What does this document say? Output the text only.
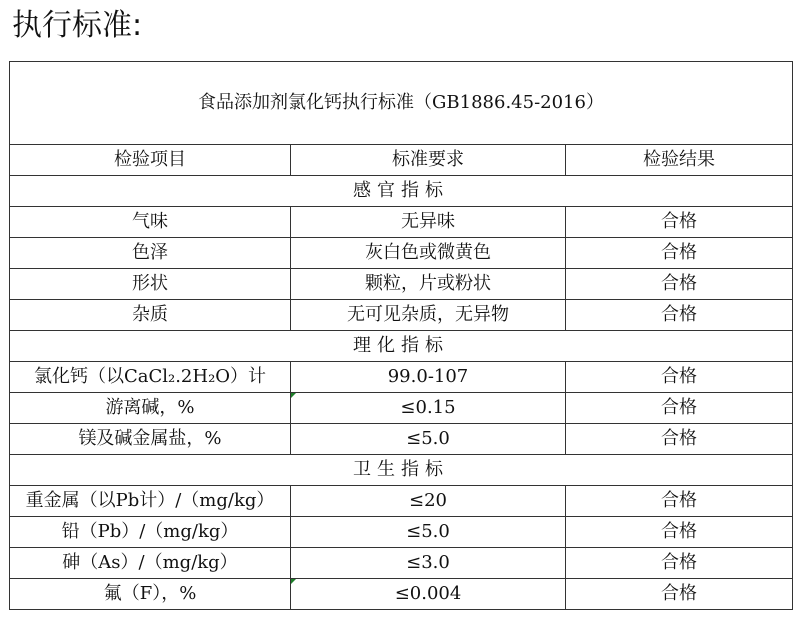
执行标准:
食品添加剂氯化钙执行标准（GB1886.45-2016）		
检验项目	标准要求	检验结果
感官指标		
气味	无异味	合格
色泽	灰白色或微黄色	合格
形状	颗粒，片或粉状	合格
杂质	无可见杂质，无异物	合格
理化指标		
氯化钙（以CaCl₂.2H₂O）计	99.0-107	合格
游离碱，%	≤0.15	合格
镁及碱金属盐，%	≤5.0	合格
卫生指标		
重金属（以Pb计）/（mg/kg）	≤20	合格
铅（Pb）/（mg/kg）	≤5.0	合格
砷（As）/（mg/kg）	≤3.0	合格
氟（F），%	≤0.004	合格
